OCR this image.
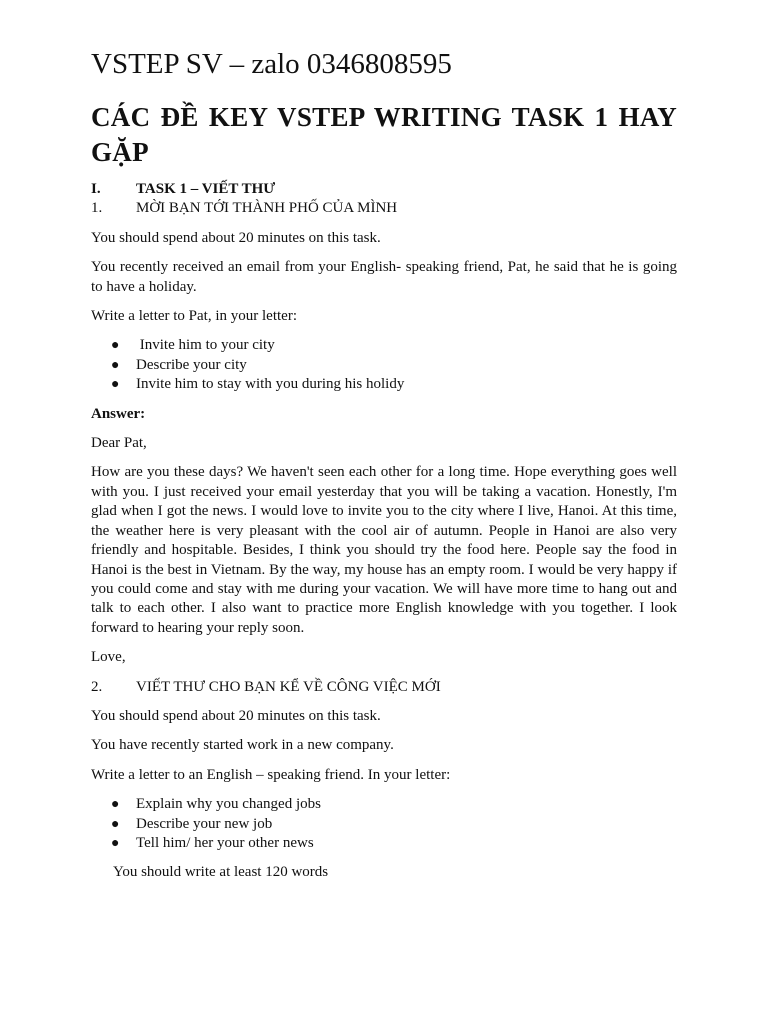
VSTEP SV – zalo 0346808595

CÁC ĐỀ KEY VSTEP WRITING TASK 1 HAY GẶP
I.	TASK 1 – VIẾT THƯ
1.	MỜI BẠN TỚI THÀNH PHỐ CỦA MÌNH

You should spend about 20 minutes on this task.

You recently received an email from your English- speaking friend, Pat, he said that he is going to have a holiday.

Write a letter to Pat, in your letter:

●	Invite him to your city
●	Describe your city
●	Invite him to stay with you during his holidy

Answer:

Dear Pat,

How are you these days? We haven't seen each other for a long time. Hope everything goes well with you. I just received your email yesterday that you will be taking a vacation. Honestly, I'm glad when I got the news. I would love to invite you to the city where I live, Hanoi. At this time, the weather here is very pleasant with the cool air of autumn. People in Hanoi are also very friendly and hospitable. Besides, I think you should try the food here. People say the food in Hanoi is the best in Vietnam. By the way, my house has an empty room. I would be very happy if you could come and stay with me during your vacation. We will have more time to hang out and talk to each other. I also want to practice more English knowledge with you together. I look forward to hearing your reply soon.

Love,

2.	VIẾT THƯ CHO BẠN KỂ VỀ CÔNG VIỆC MỚI

You should spend about 20 minutes on this task.

You have recently started work in a new company.

Write a letter to an English – speaking friend. In your letter:

●	Explain why you changed jobs
●	Describe your new job
●	Tell him/ her your other news

You should write at least 120 words
